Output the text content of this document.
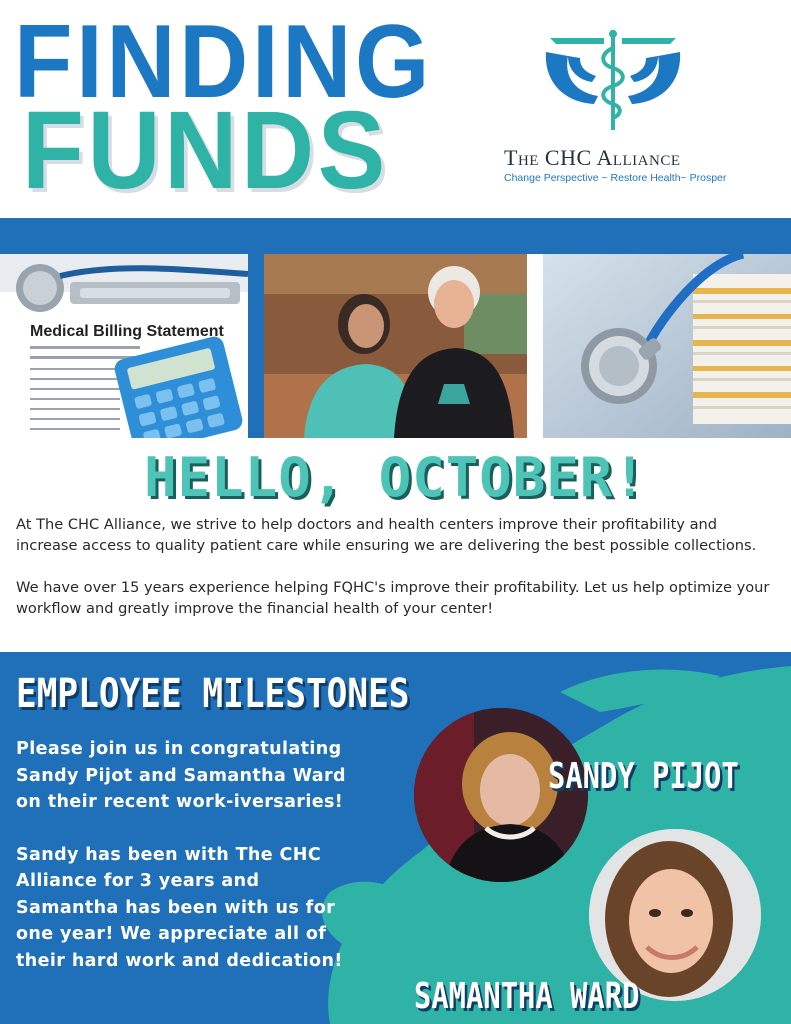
FINDING
FUNDS	The CHC Alliance
Change Perspective ~ Restore Health~ Prosper
Medical Billing Statement
HELLO, OCTOBER!

At The CHC Alliance, we strive to help doctors and health centers improve their profitability and increase access to quality patient care while ensuring we are delivering the best possible collections.

We have over 15 years experience helping FQHC's improve their profitability. Let us help optimize your workflow and greatly improve the financial health of your center!

EMPLOYEE MILESTONES

Please join us in congratulating Sandy Pijot and Samantha Ward on their recent work-iversaries!

Sandy has been with The CHC Alliance for 3 years and Samantha has been with us for one year! We appreciate all of their hard work and dedication!

SANDY PIJOT
SAMANTHA WARD
